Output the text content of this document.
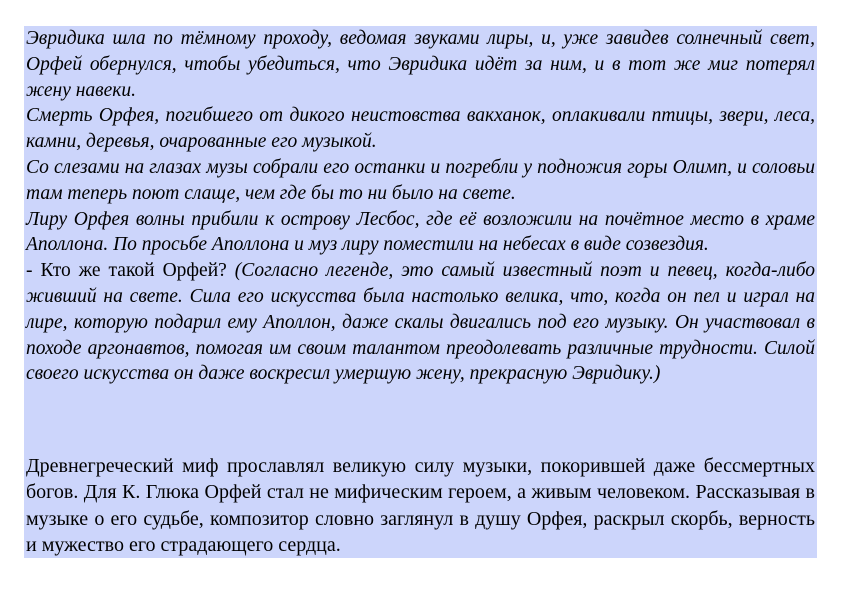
Эвридика шла по тёмному проходу, ведомая звуками лиры, и, уже завидев солнечный свет, Орфей обернулся, чтобы убедиться, что Эвридика идёт за ним, и в тот же миг потерял жену навеки.

Смерть Орфея, погибшего от дикого неистовства вакханок, оплакивали птицы, звери, леса, камни, деревья, очарованные его музыкой.

Со слезами на глазах музы собрали его останки и погребли у подножия горы Олимп, и соловьи там теперь поют слаще, чем где бы то ни было на свете.

Лиру Орфея волны прибили к острову Лесбос, где её возложили на почётное место в храме Аполлона. По просьбе Аполлона и муз лиру поместили на небесах в виде созвездия.

- Кто же такой Орфей? (Согласно легенде, это самый известный поэт и певец, когда-либо живший на свете. Сила его искусства была настолько велика, что, когда он пел и играл на лире, которую подарил ему Аполлон, даже скалы двигались под его музыку. Он участвовал в походе аргонавтов, помогая им своим талантом преодолевать различные трудности. Силой своего искусства он даже воскресил умершую жену, прекрасную Эвридику.)

Древнегреческий миф прославлял великую силу музыки, покорившей даже бессмертных богов. Для К. Глюка Орфей стал не мифическим героем, а живым человеком. Рассказывая в музыке о его судьбе, композитор словно заглянул в душу Орфея, раскрыл скорбь, верность и мужество его страдающего сердца.
